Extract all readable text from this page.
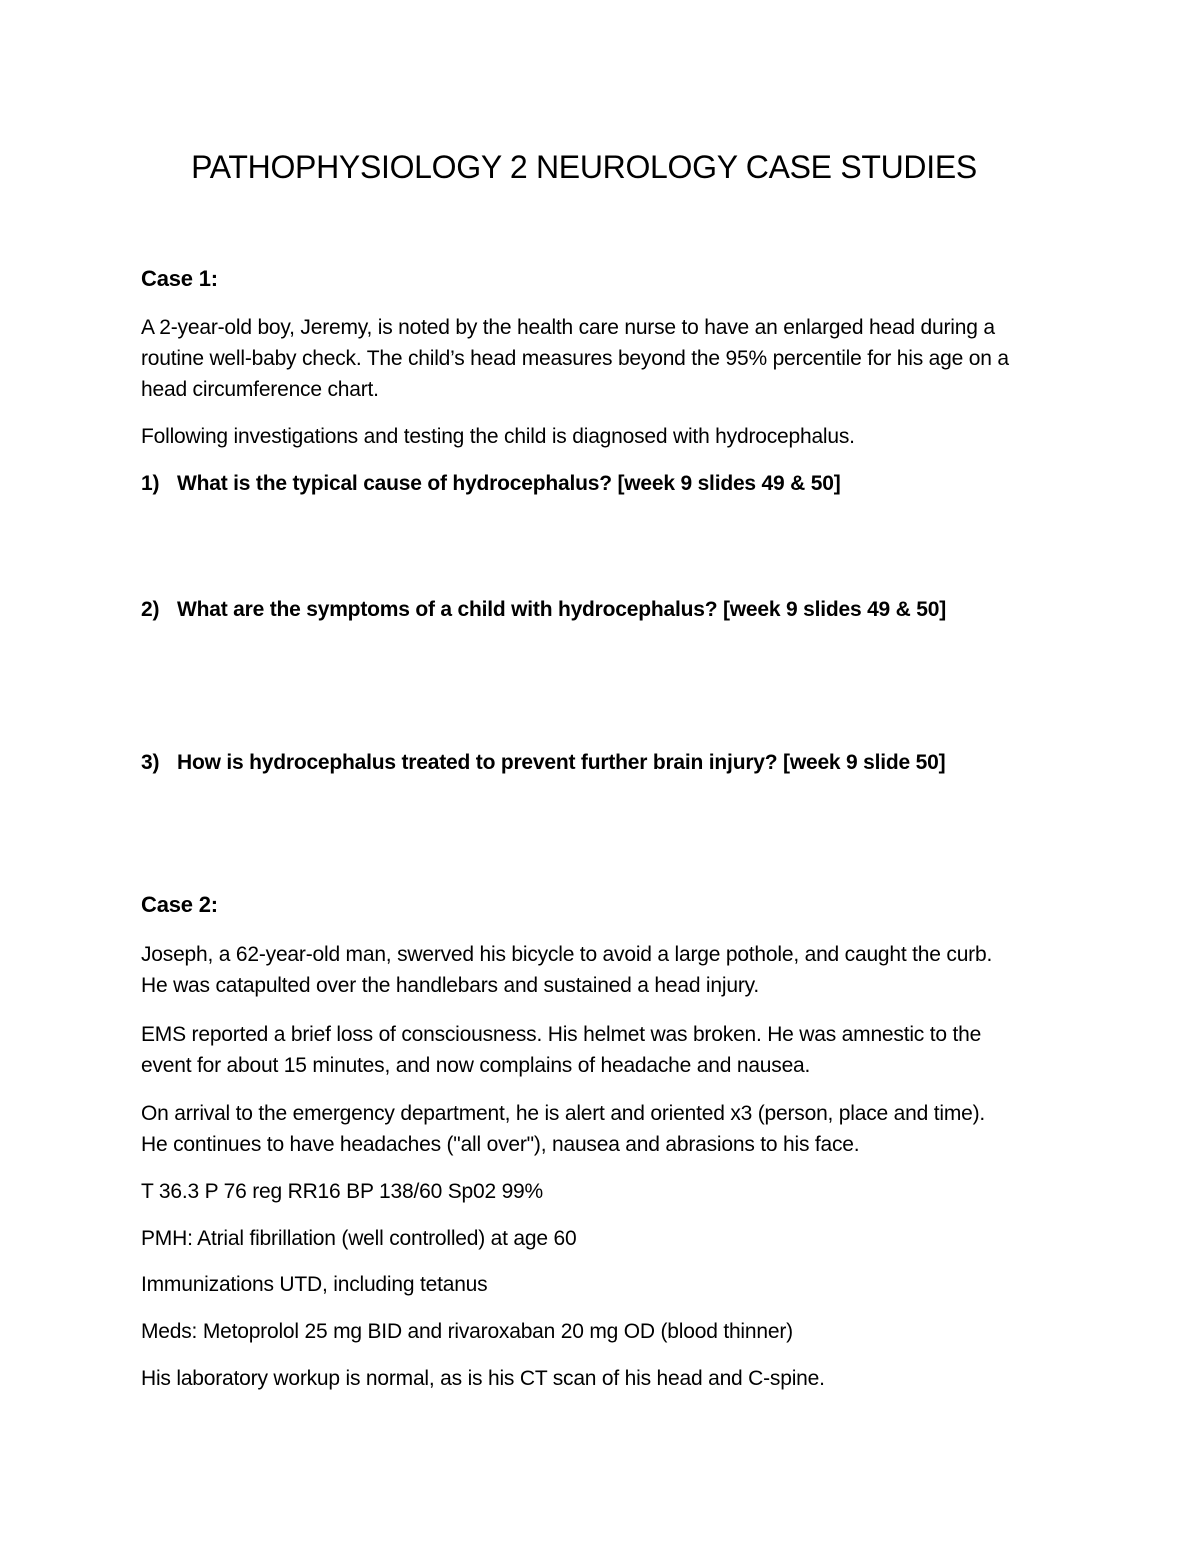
PATHOPHYSIOLOGY 2 NEUROLOGY CASE STUDIES
Case 1:
A 2-year-old boy, Jeremy, is noted by the health care nurse to have an enlarged head during a
routine well-baby check. The child’s head measures beyond the 95% percentile for his age on a
head circumference chart.
Following investigations and testing the child is diagnosed with hydrocephalus.
1) What is the typical cause of hydrocephalus? [week 9 slides 49 & 50]
2) What are the symptoms of a child with hydrocephalus? [week 9 slides 49 & 50]
3) How is hydrocephalus treated to prevent further brain injury? [week 9 slide 50]
Case 2:
Joseph, a 62-year-old man, swerved his bicycle to avoid a large pothole, and caught the curb.
He was catapulted over the handlebars and sustained a head injury.
EMS reported a brief loss of consciousness. His helmet was broken. He was amnestic to the
event for about 15 minutes, and now complains of headache and nausea.
On arrival to the emergency department, he is alert and oriented x3 (person, place and time).
He continues to have headaches ("all over"), nausea and abrasions to his face.
T 36.3 P 76 reg RR16 BP 138/60 Sp02 99%
PMH: Atrial fibrillation (well controlled) at age 60
Immunizations UTD, including tetanus
Meds: Metoprolol 25 mg BID and rivaroxaban 20 mg OD (blood thinner)
His laboratory workup is normal, as is his CT scan of his head and C-spine.
